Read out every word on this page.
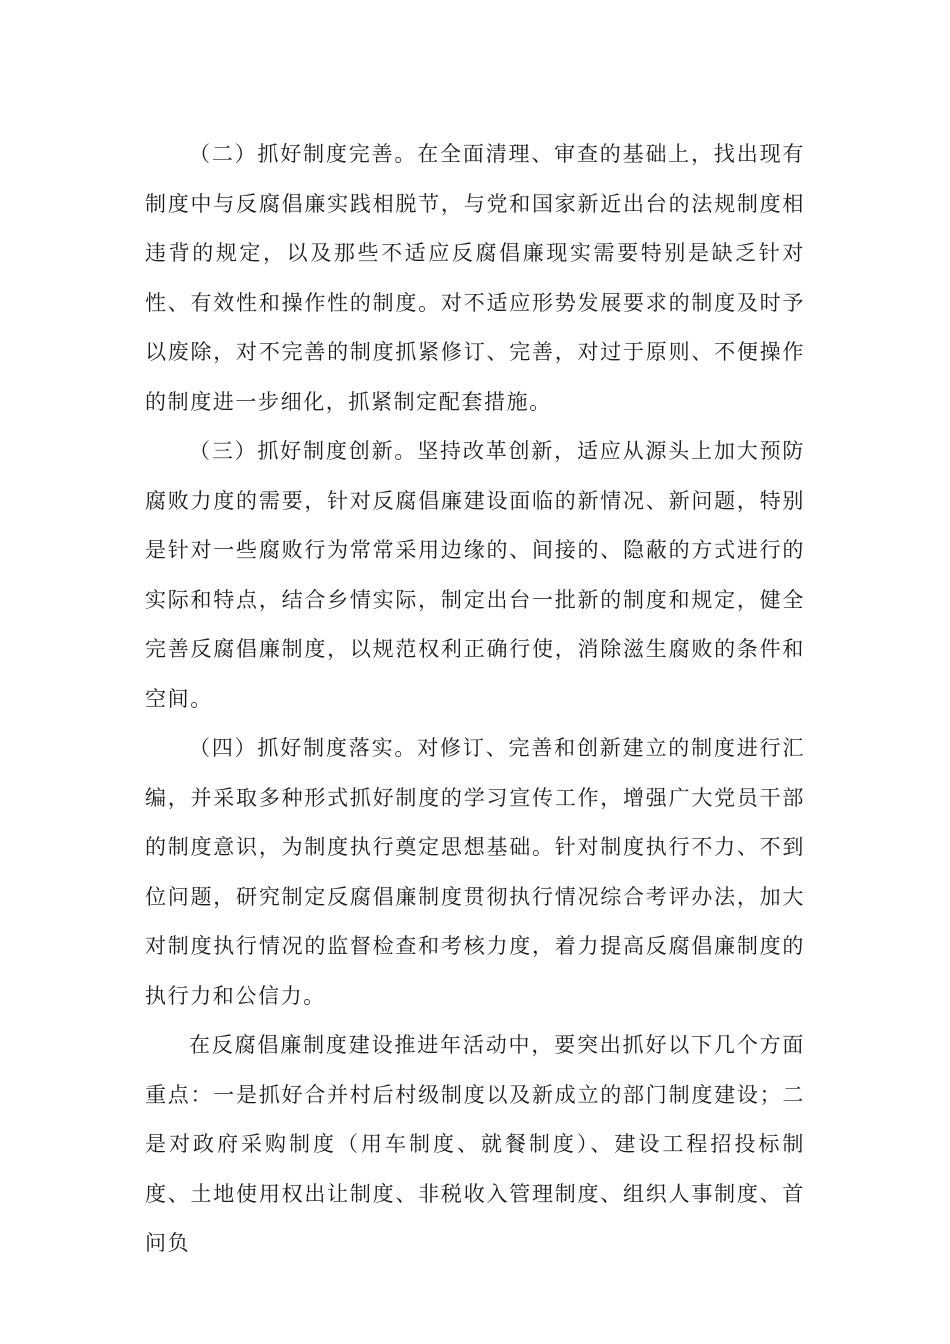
（二）抓好制度完善。在全面清理、审查的基础上，找出现有制度中与反腐倡廉实践相脱节，与党和国家新近出台的法规制度相违背的规定，以及那些不适应反腐倡廉现实需要特别是缺乏针对性、有效性和操作性的制度。对不适应形势发展要求的制度及时予以废除，对不完善的制度抓紧修订、完善，对过于原则、不便操作的制度进一步细化，抓紧制定配套措施。

（三）抓好制度创新。坚持改革创新，适应从源头上加大预防腐败力度的需要，针对反腐倡廉建设面临的新情况、新问题，特别是针对一些腐败行为常常采用边缘的、间接的、隐蔽的方式进行的实际和特点，结合乡情实际，制定出台一批新的制度和规定，健全完善反腐倡廉制度，以规范权利正确行使，消除滋生腐败的条件和空间。

（四）抓好制度落实。对修订、完善和创新建立的制度进行汇编，并采取多种形式抓好制度的学习宣传工作，增强广大党员干部的制度意识，为制度执行奠定思想基础。针对制度执行不力、不到位问题，研究制定反腐倡廉制度贯彻执行情况综合考评办法，加大对制度执行情况的监督检查和考核力度，着力提高反腐倡廉制度的执行力和公信力。

在反腐倡廉制度建设推进年活动中，要突出抓好以下几个方面重点：一是抓好合并村后村级制度以及新成立的部门制度建设；二是对政府采购制度（用车制度、就餐制度）、建设工程招投标制度、土地使用权出让制度、非税收入管理制度、组织人事制度、首问负
